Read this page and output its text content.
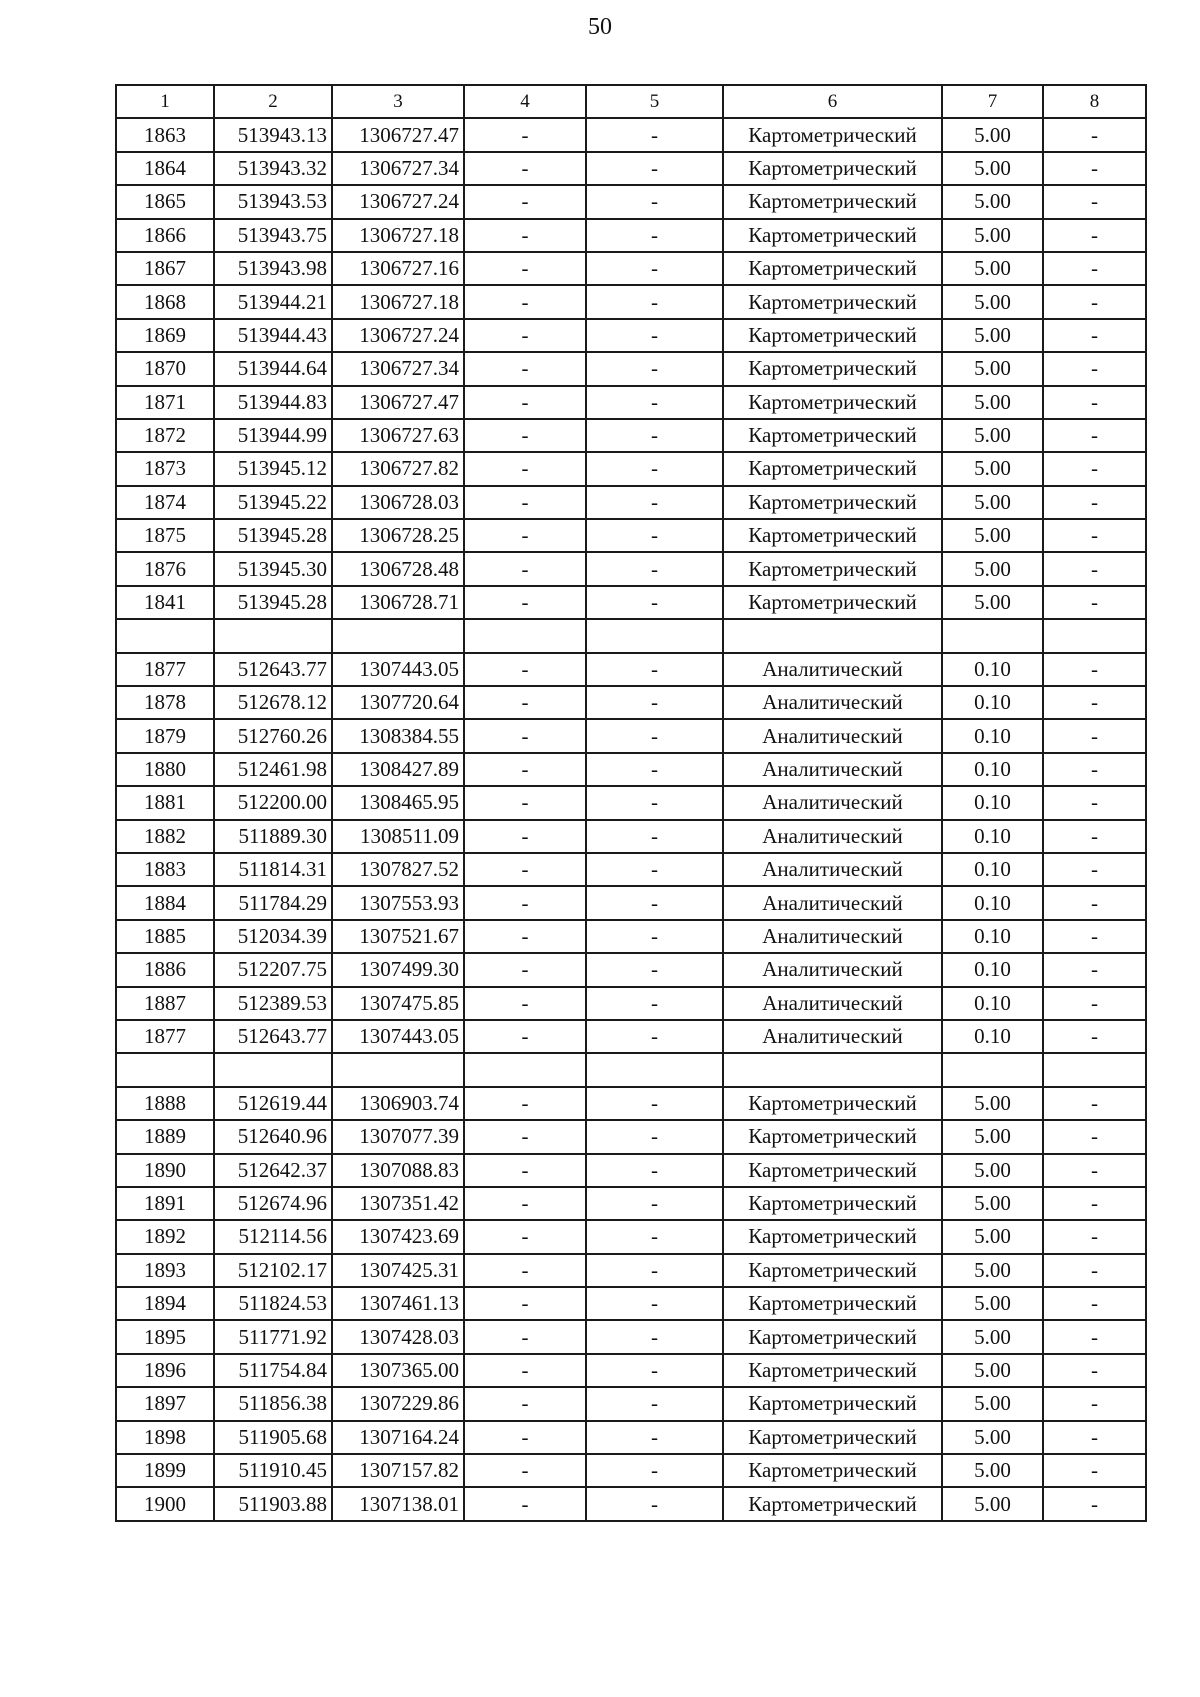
50
1	2	3	4	5	6	7	8
1863	513943.13	1306727.47	-	-	Картометрический	5.00	-
1864	513943.32	1306727.34	-	-	Картометрический	5.00	-
1865	513943.53	1306727.24	-	-	Картометрический	5.00	-
1866	513943.75	1306727.18	-	-	Картометрический	5.00	-
1867	513943.98	1306727.16	-	-	Картометрический	5.00	-
1868	513944.21	1306727.18	-	-	Картометрический	5.00	-
1869	513944.43	1306727.24	-	-	Картометрический	5.00	-
1870	513944.64	1306727.34	-	-	Картометрический	5.00	-
1871	513944.83	1306727.47	-	-	Картометрический	5.00	-
1872	513944.99	1306727.63	-	-	Картометрический	5.00	-
1873	513945.12	1306727.82	-	-	Картометрический	5.00	-
1874	513945.22	1306728.03	-	-	Картометрический	5.00	-
1875	513945.28	1306728.25	-	-	Картометрический	5.00	-
1876	513945.30	1306728.48	-	-	Картометрический	5.00	-
1841	513945.28	1306728.71	-	-	Картометрический	5.00	-

1877	512643.77	1307443.05	-	-	Аналитический	0.10	-
1878	512678.12	1307720.64	-	-	Аналитический	0.10	-
1879	512760.26	1308384.55	-	-	Аналитический	0.10	-
1880	512461.98	1308427.89	-	-	Аналитический	0.10	-
1881	512200.00	1308465.95	-	-	Аналитический	0.10	-
1882	511889.30	1308511.09	-	-	Аналитический	0.10	-
1883	511814.31	1307827.52	-	-	Аналитический	0.10	-
1884	511784.29	1307553.93	-	-	Аналитический	0.10	-
1885	512034.39	1307521.67	-	-	Аналитический	0.10	-
1886	512207.75	1307499.30	-	-	Аналитический	0.10	-
1887	512389.53	1307475.85	-	-	Аналитический	0.10	-
1877	512643.77	1307443.05	-	-	Аналитический	0.10	-

1888	512619.44	1306903.74	-	-	Картометрический	5.00	-
1889	512640.96	1307077.39	-	-	Картометрический	5.00	-
1890	512642.37	1307088.83	-	-	Картометрический	5.00	-
1891	512674.96	1307351.42	-	-	Картометрический	5.00	-
1892	512114.56	1307423.69	-	-	Картометрический	5.00	-
1893	512102.17	1307425.31	-	-	Картометрический	5.00	-
1894	511824.53	1307461.13	-	-	Картометрический	5.00	-
1895	511771.92	1307428.03	-	-	Картометрический	5.00	-
1896	511754.84	1307365.00	-	-	Картометрический	5.00	-
1897	511856.38	1307229.86	-	-	Картометрический	5.00	-
1898	511905.68	1307164.24	-	-	Картометрический	5.00	-
1899	511910.45	1307157.82	-	-	Картометрический	5.00	-
1900	511903.88	1307138.01	-	-	Картометрический	5.00	-
